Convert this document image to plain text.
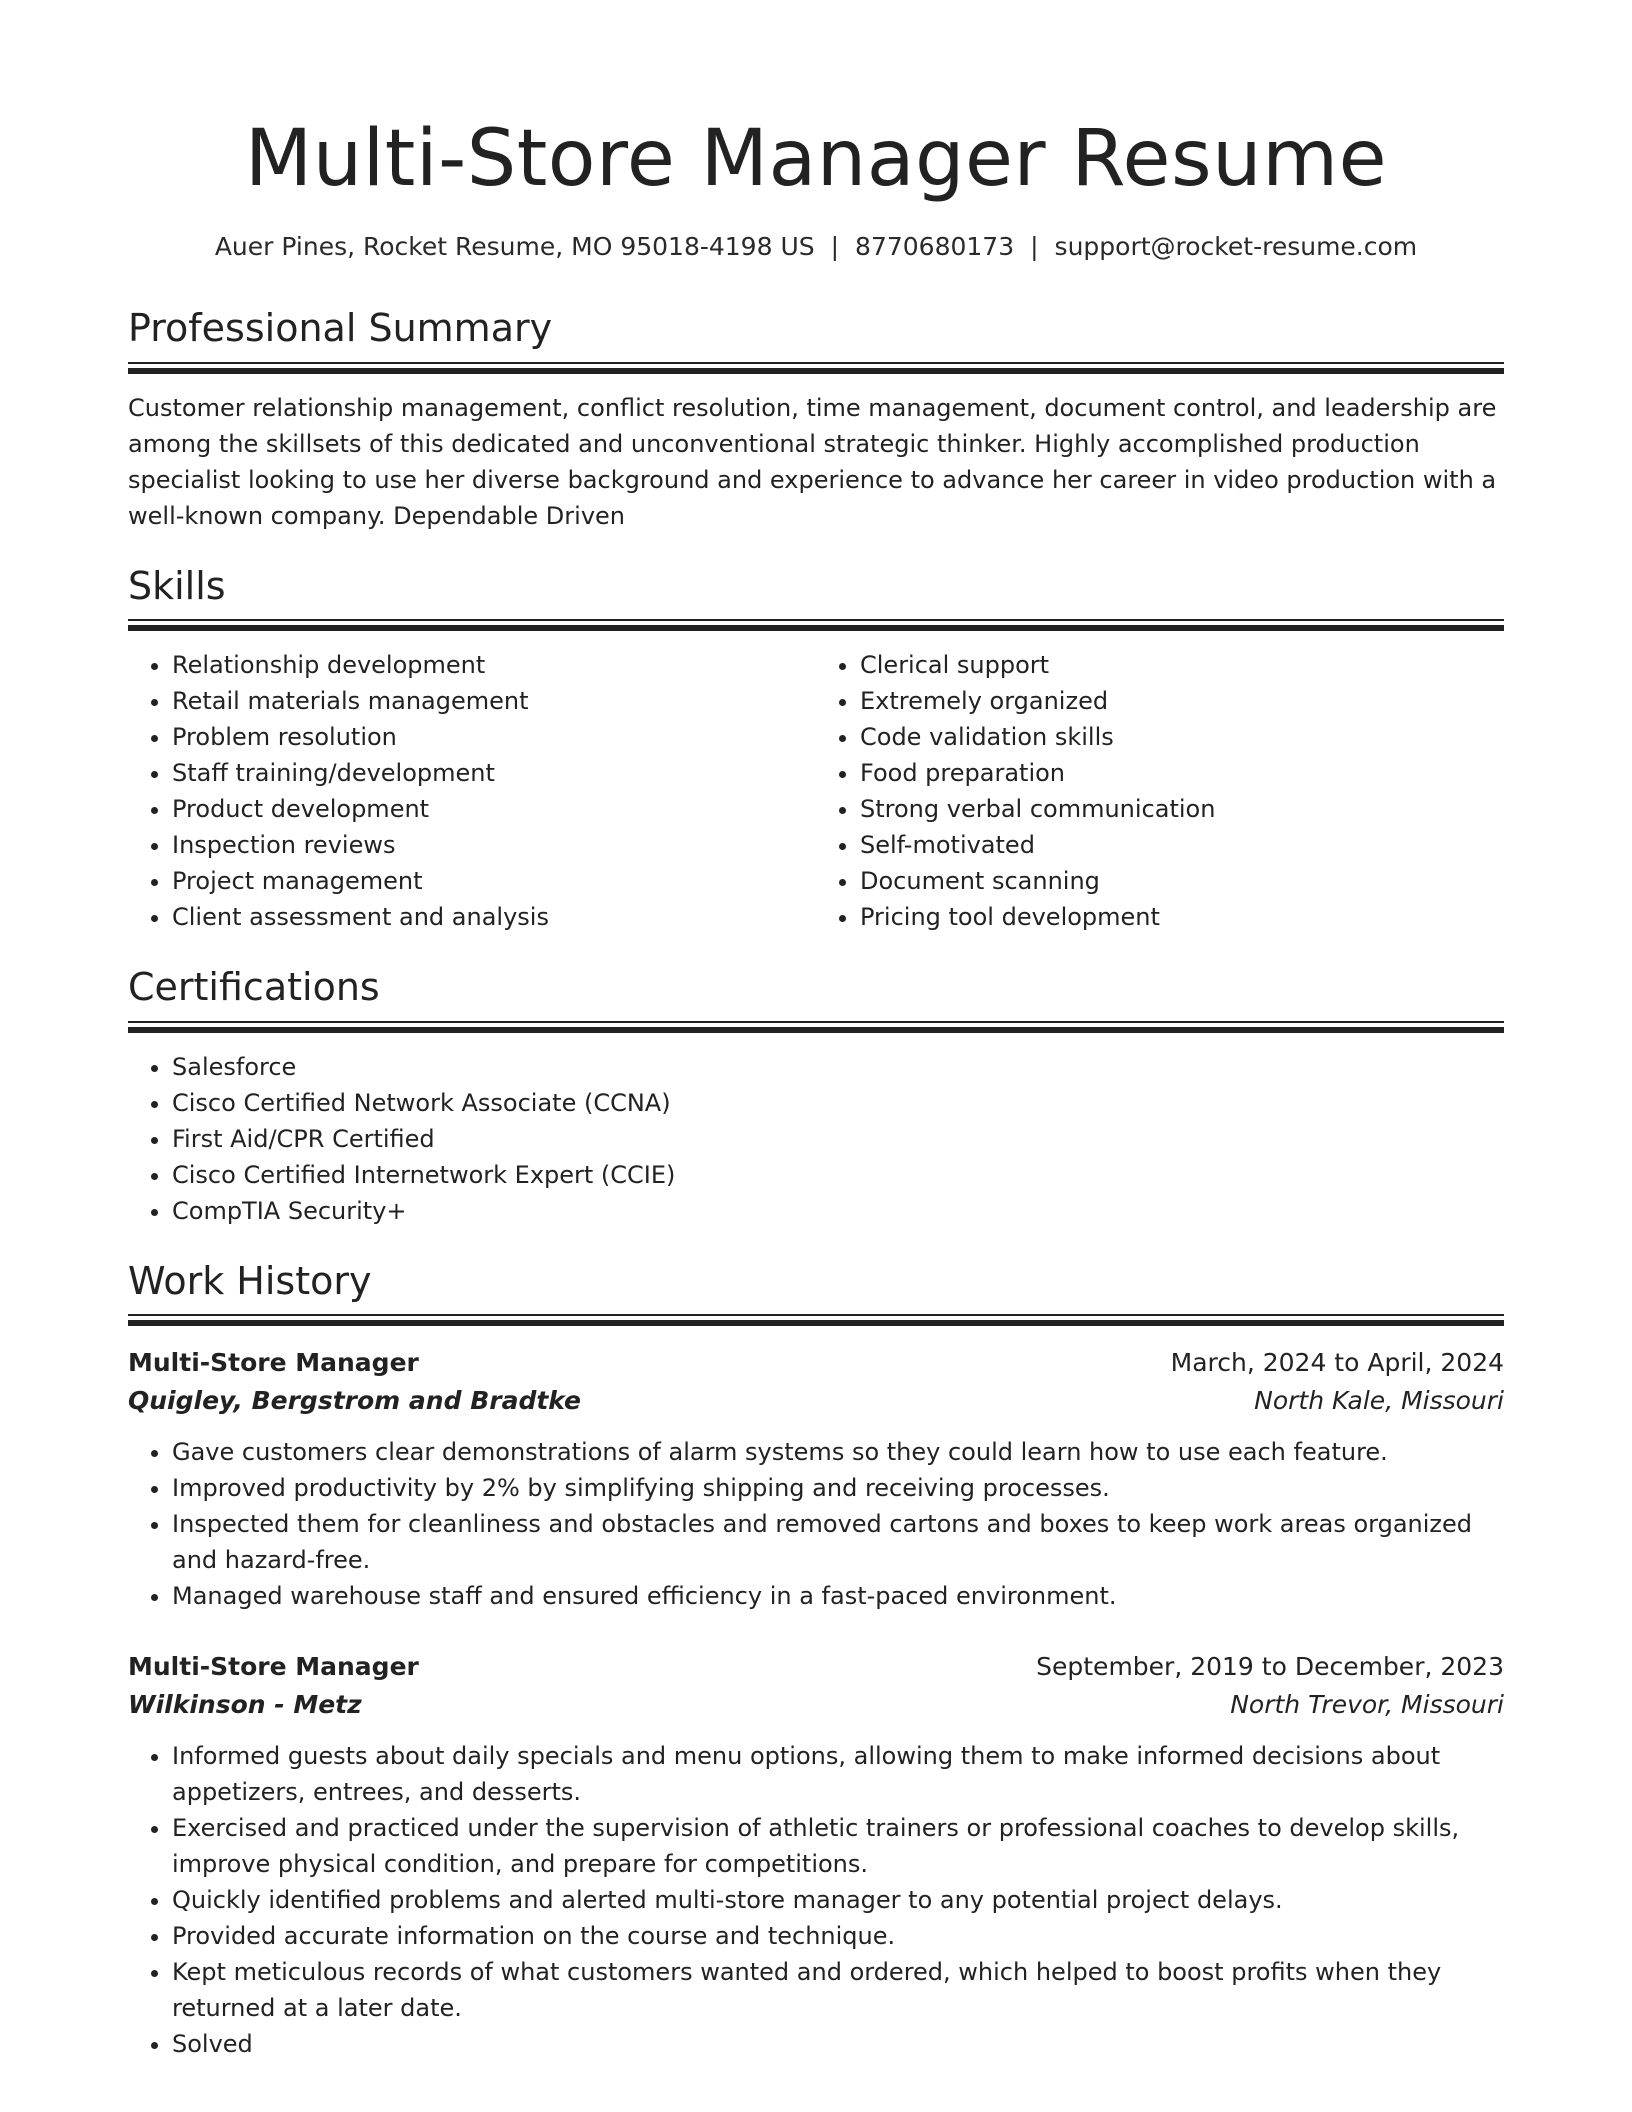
Multi-Store Manager Resume
Auer Pines, Rocket Resume, MO 95018-4198 US | 8770680173 | support@rocket-resume.com
Professional Summary
Customer relationship management, conflict resolution, time management, document control, and leadership are among the skillsets of this dedicated and unconventional strategic thinker. Highly accomplished production specialist looking to use her diverse background and experience to advance her career in video production with a well-known company. Dependable Driven
Skills
• Relationship development
• Retail materials management
• Problem resolution
• Staff training/development
• Product development
• Inspection reviews
• Project management
• Client assessment and analysis
• Clerical support
• Extremely organized
• Code validation skills
• Food preparation
• Strong verbal communication
• Self-motivated
• Document scanning
• Pricing tool development
Certifications
• Salesforce
• Cisco Certified Network Associate (CCNA)
• First Aid/CPR Certified
• Cisco Certified Internetwork Expert (CCIE)
• CompTIA Security+
Work History
Multi-Store Manager	March, 2024 to April, 2024
Quigley, Bergstrom and Bradtke	North Kale, Missouri
• Gave customers clear demonstrations of alarm systems so they could learn how to use each feature.
• Improved productivity by 2% by simplifying shipping and receiving processes.
• Inspected them for cleanliness and obstacles and removed cartons and boxes to keep work areas organized and hazard-free.
• Managed warehouse staff and ensured efficiency in a fast-paced environment.
Multi-Store Manager	September, 2019 to December, 2023
Wilkinson - Metz	North Trevor, Missouri
• Informed guests about daily specials and menu options, allowing them to make informed decisions about appetizers, entrees, and desserts.
• Exercised and practiced under the supervision of athletic trainers or professional coaches to develop skills, improve physical condition, and prepare for competitions.
• Quickly identified problems and alerted multi-store manager to any potential project delays.
• Provided accurate information on the course and technique.
• Kept meticulous records of what customers wanted and ordered, which helped to boost profits when they returned at a later date.
• Solved
